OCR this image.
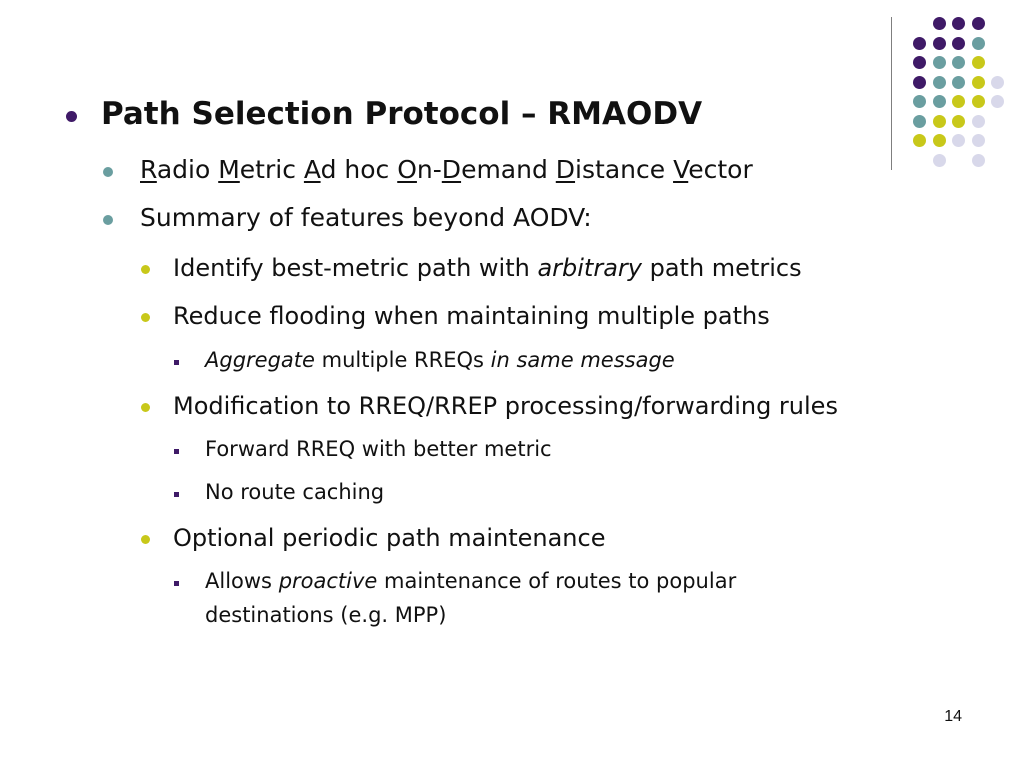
Path Selection Protocol – RMAODV
Radio Metric Ad hoc On-Demand Distance Vector
Summary of features beyond AODV:
Identify best-metric path with arbitrary path metrics
Reduce flooding when maintaining multiple paths
Aggregate multiple RREQs in same message
Modification to RREQ/RREP processing/forwarding rules
Forward RREQ with better metric
No route caching
Optional periodic path maintenance
Allows proactive maintenance of routes to popular
destinations (e.g. MPP)
14
